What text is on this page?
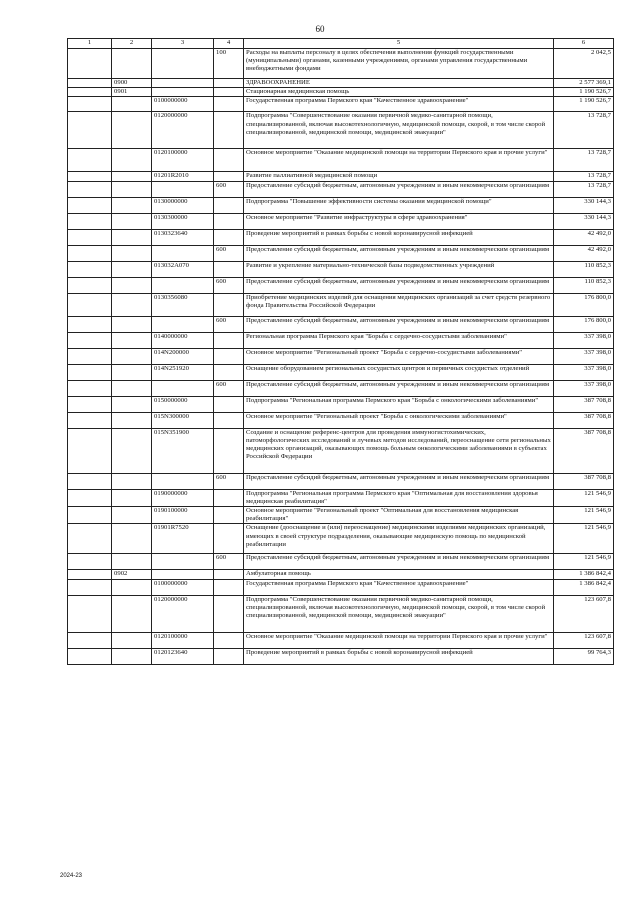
60
1	2	3	4	5	6
			100	Расходы на выплаты персоналу в целях обеспечения выполнения функций государственными (муниципальными) органами, казенными учреждениями, органами управления государственными внебюджетными фондами	2 042,5
	0900			ЗДРАВООХРАНЕНИЕ	2 577 369,1
	0901			Стационарная медицинская помощь	1 190 526,7
		0100000000		Государственная программа Пермского края "Качественное здравоохранение"	1 190 526,7
		0120000000		Подпрограмма "Совершенствование оказания первичной медико-санитарной помощи, специализированной, включая высокотехнологичную, медицинской помощи, скорой, в том числе скорой специализированной, медицинской помощи, медицинской эвакуации"	13 728,7
		0120100000		Основное мероприятие "Оказание медицинской помощи на территории Пермского края и прочие услуги"	13 728,7
		01201R2010		Развитие паллиативной медицинской помощи	13 728,7
			600	Предоставление субсидий бюджетным, автономным учреждениям и иным некоммерческим организациям	13 728,7
		0130000000		Подпрограмма "Повышение эффективности системы оказания медицинской помощи"	330 144,3
		0130300000		Основное мероприятие "Развитие инфраструктуры в сфере здравоохранения"	330 144,3
		0130323640		Проведение мероприятий в рамках борьбы с новой коронавирусной инфекцией	42 492,0
			600	Предоставление субсидий бюджетным, автономным учреждениям и иным некоммерческим организациям	42 492,0
		013032А070		Развитие и укрепление материально-технической базы подведомственных учреждений	110 852,3
			600	Предоставление субсидий бюджетным, автономным учреждениям и иным некоммерческим организациям	110 852,3
		0130356080		Приобретение медицинских изделий для оснащения медицинских организаций за счет средств резервного фонда Правительства Российской Федерации	176 800,0
			600	Предоставление субсидий бюджетным, автономным учреждениям и иным некоммерческим организациям	176 800,0
		0140000000		Региональная программа Пермского края "Борьба с сердечно-сосудистыми заболеваниями"	337 398,0
		014N200000		Основное мероприятие "Региональный проект "Борьба с сердечно-сосудистыми заболеваниями"	337 398,0
		014N251920		Оснащение оборудованием региональных сосудистых центров и первичных сосудистых отделений	337 398,0
			600	Предоставление субсидий бюджетным, автономным учреждениям и иным некоммерческим организациям	337 398,0
		0150000000		Подпрограмма "Региональная программа Пермского края "Борьба с онкологическими заболеваниями"	387 708,8
		015N300000		Основное мероприятие "Региональный проект "Борьба с онкологическими заболеваниями"	387 708,8
		015N351900		Создание и оснащение референс-центров для проведения иммуногистохимических, патоморфологических исследований и лучевых методов исследований, переоснащение сети региональных медицинских организаций, оказывающих помощь больным онкологическими заболеваниями в субъектах Российской Федерации	387 708,8
			600	Предоставление субсидий бюджетным, автономным учреждениям и иным некоммерческим организациям	387 708,8
		0190000000		Подпрограмма "Региональная программа Пермского края "Оптимальная для восстановления здоровья медицинская реабилитация"	121 546,9
		0190100000		Основное мероприятие "Региональный проект "Оптимальная для восстановления медицинская реабилитация"	121 546,9
		01901R7520		Оснащение (дооснащение и (или) переоснащение) медицинскими изделиями медицинских организаций, имеющих в своей структуре подразделения, оказывающие медицинскую помощь по медицинской реабилитации	121 546,9
			600	Предоставление субсидий бюджетным, автономным учреждениям и иным некоммерческим организациям	121 546,9
	0902			Амбулаторная помощь	1 386 842,4
		0100000000		Государственная программа Пермского края "Качественное здравоохранение"	1 386 842,4
		0120000000		Подпрограмма "Совершенствование оказания первичной медико-санитарной помощи, специализированной, включая высокотехнологичную, медицинской помощи, скорой, в том числе скорой специализированной, медицинской помощи, медицинской эвакуации"	123 607,8
		0120100000		Основное мероприятие "Оказание медицинской помощи на территории Пермского края и прочие услуги"	123 607,8
		0120123640		Проведение мероприятий в рамках борьбы с новой коронавирусной инфекцией	99 764,3
2024-23
